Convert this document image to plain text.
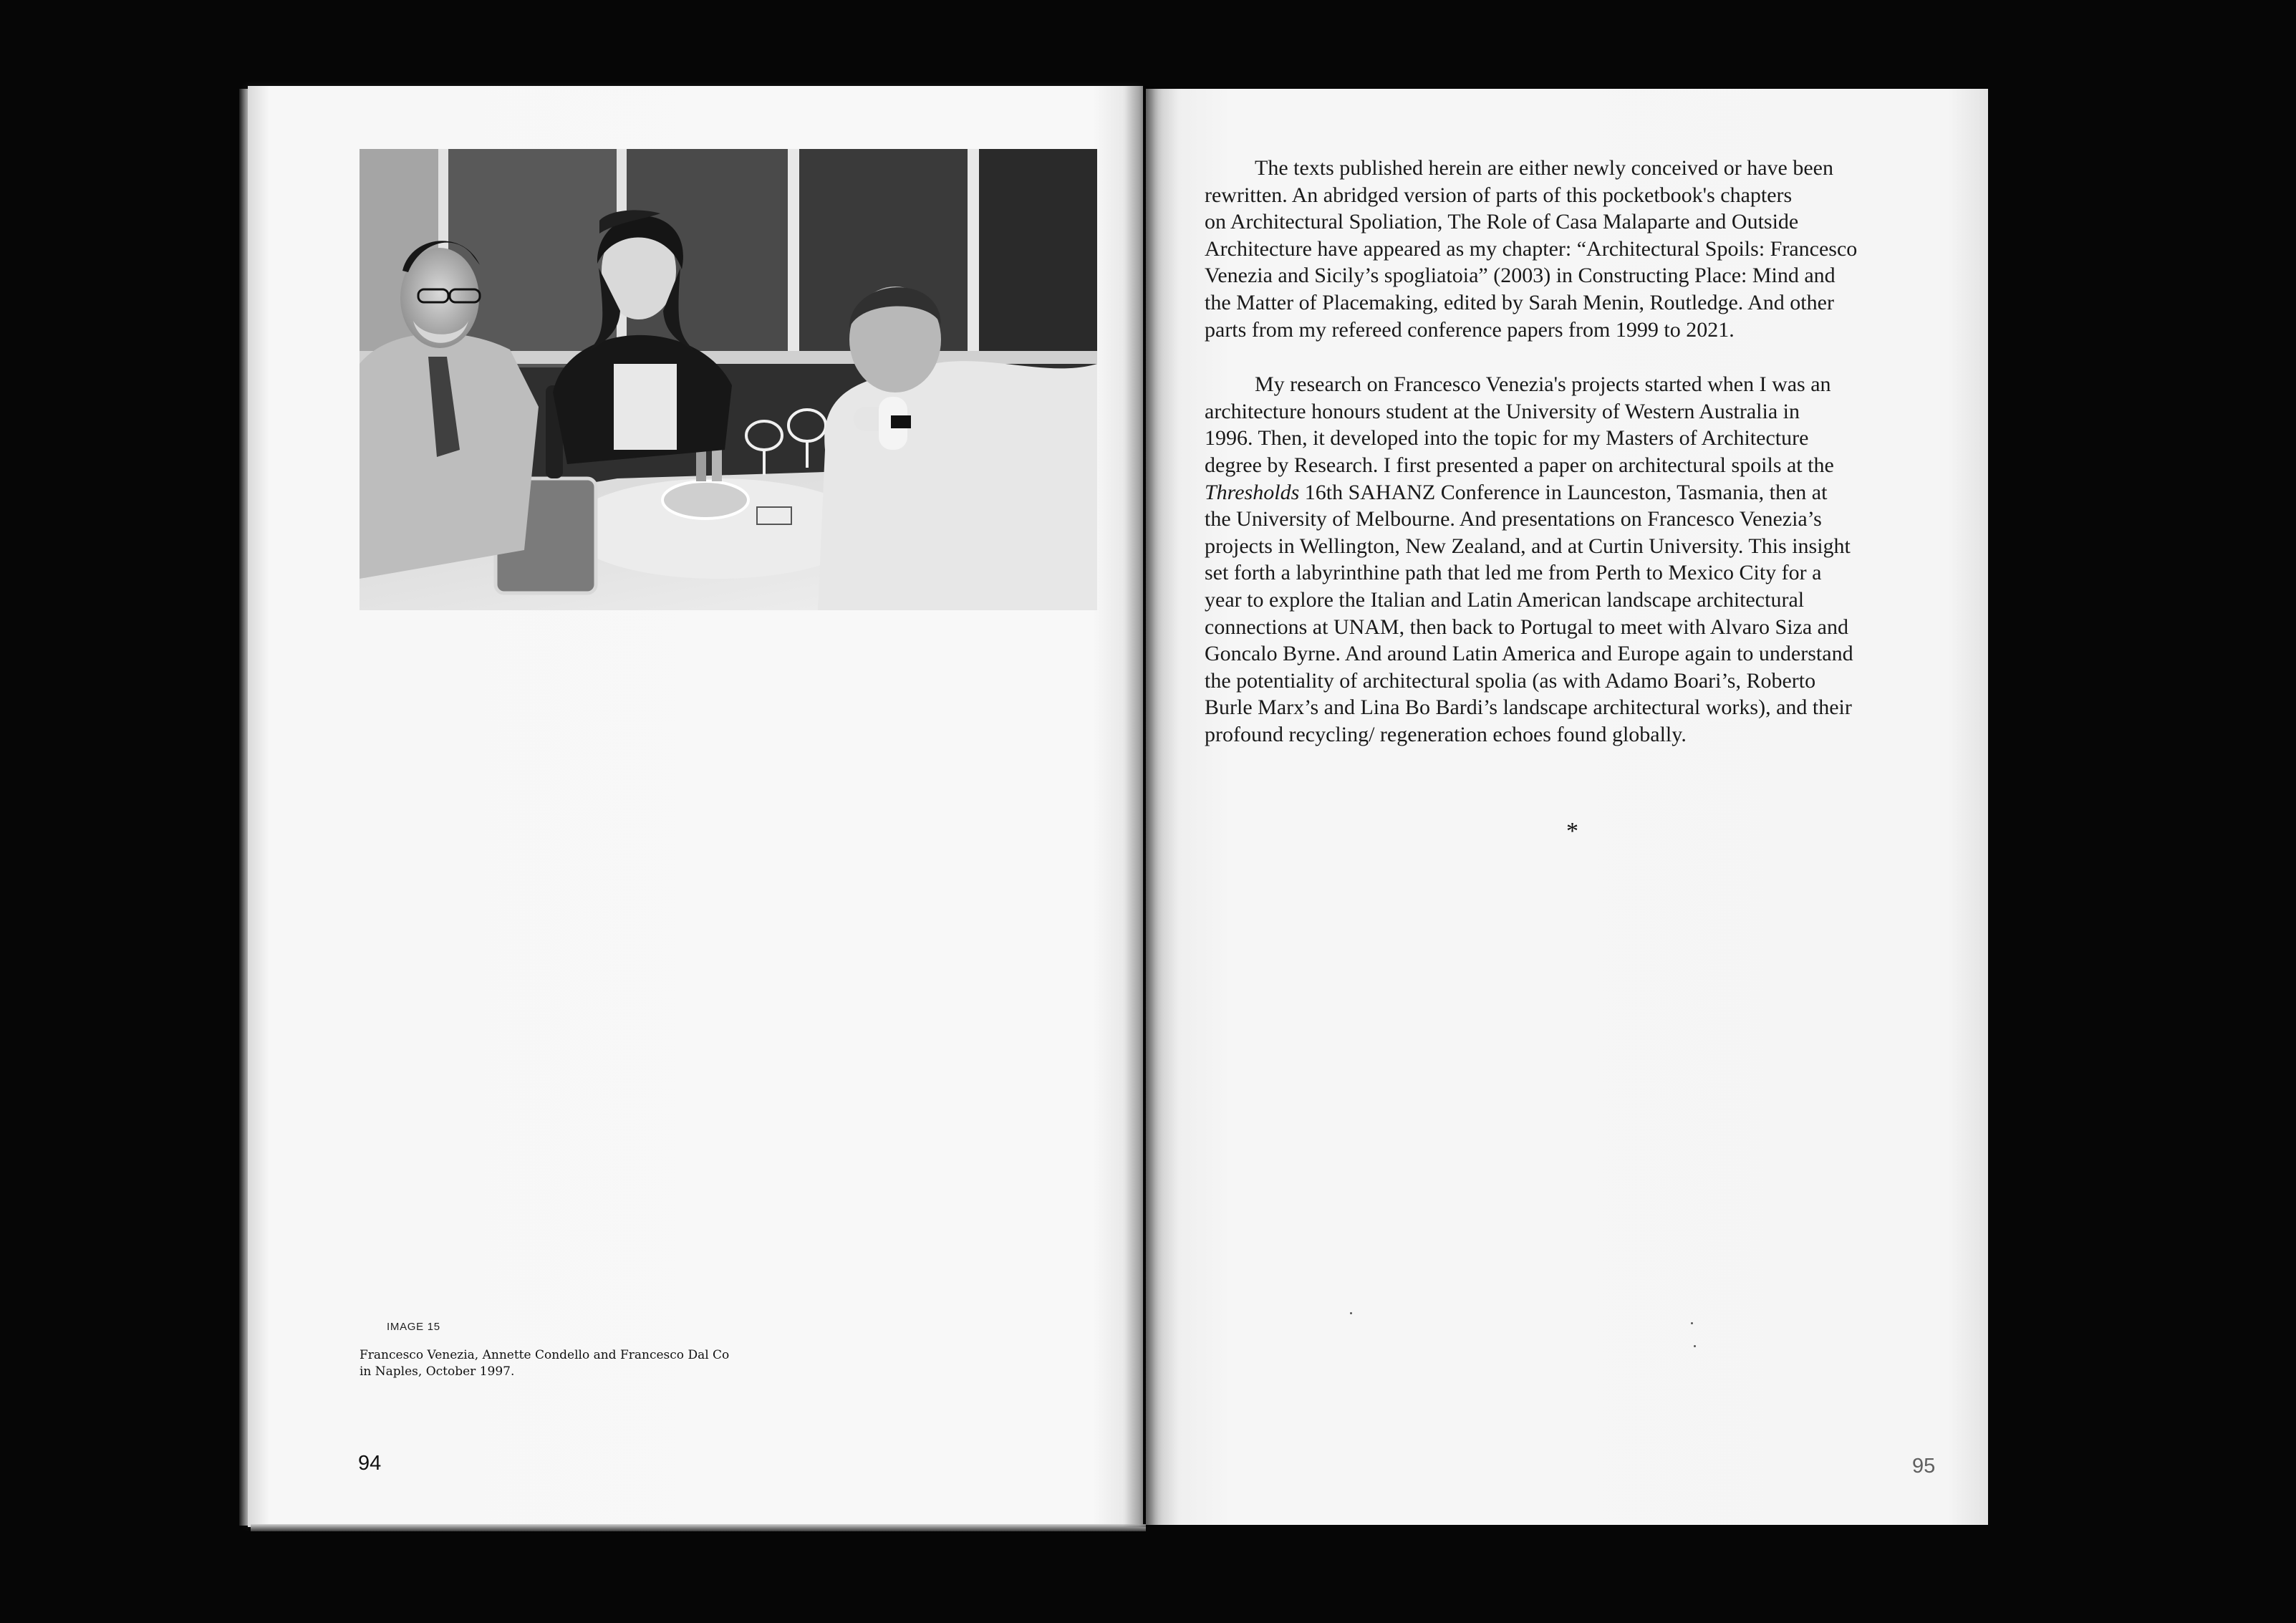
IMAGE 15
Francesco Venezia, Annette Condello and Francesco Dal Co
in Naples, October 1997.
94
The texts published herein are either newly conceived or have been
rewritten. An abridged version of parts of this pocketbook's chapters
on Architectural Spoliation, The Role of Casa Malaparte and Outside
Architecture have appeared as my chapter: “Architectural Spoils: Francesco
Venezia and Sicily’s spogliatoia” (2003) in Constructing Place: Mind and
the Matter of Placemaking, edited by Sarah Menin, Routledge. And other
parts from my refereed conference papers from 1999 to 2021.
My research on Francesco Venezia's projects started when I was an
architecture honours student at the University of Western Australia in
1996. Then, it developed into the topic for my Masters of Architecture
degree by Research. I first presented a paper on architectural spoils at the
Thresholds 16th SAHANZ Conference in Launceston, Tasmania, then at
the University of Melbourne. And presentations on Francesco Venezia’s
projects in Wellington, New Zealand, and at Curtin University. This insight
set forth a labyrinthine path that led me from Perth to Mexico City for a
year to explore the Italian and Latin American landscape architectural
connections at UNAM, then back to Portugal to meet with Alvaro Siza and
Goncalo Byrne. And around Latin America and Europe again to understand
the potentiality of architectural spolia (as with Adamo Boari’s, Roberto
Burle Marx’s and Lina Bo Bardi’s landscape architectural works), and their
profound recycling/ regeneration echoes found globally.
*
95
